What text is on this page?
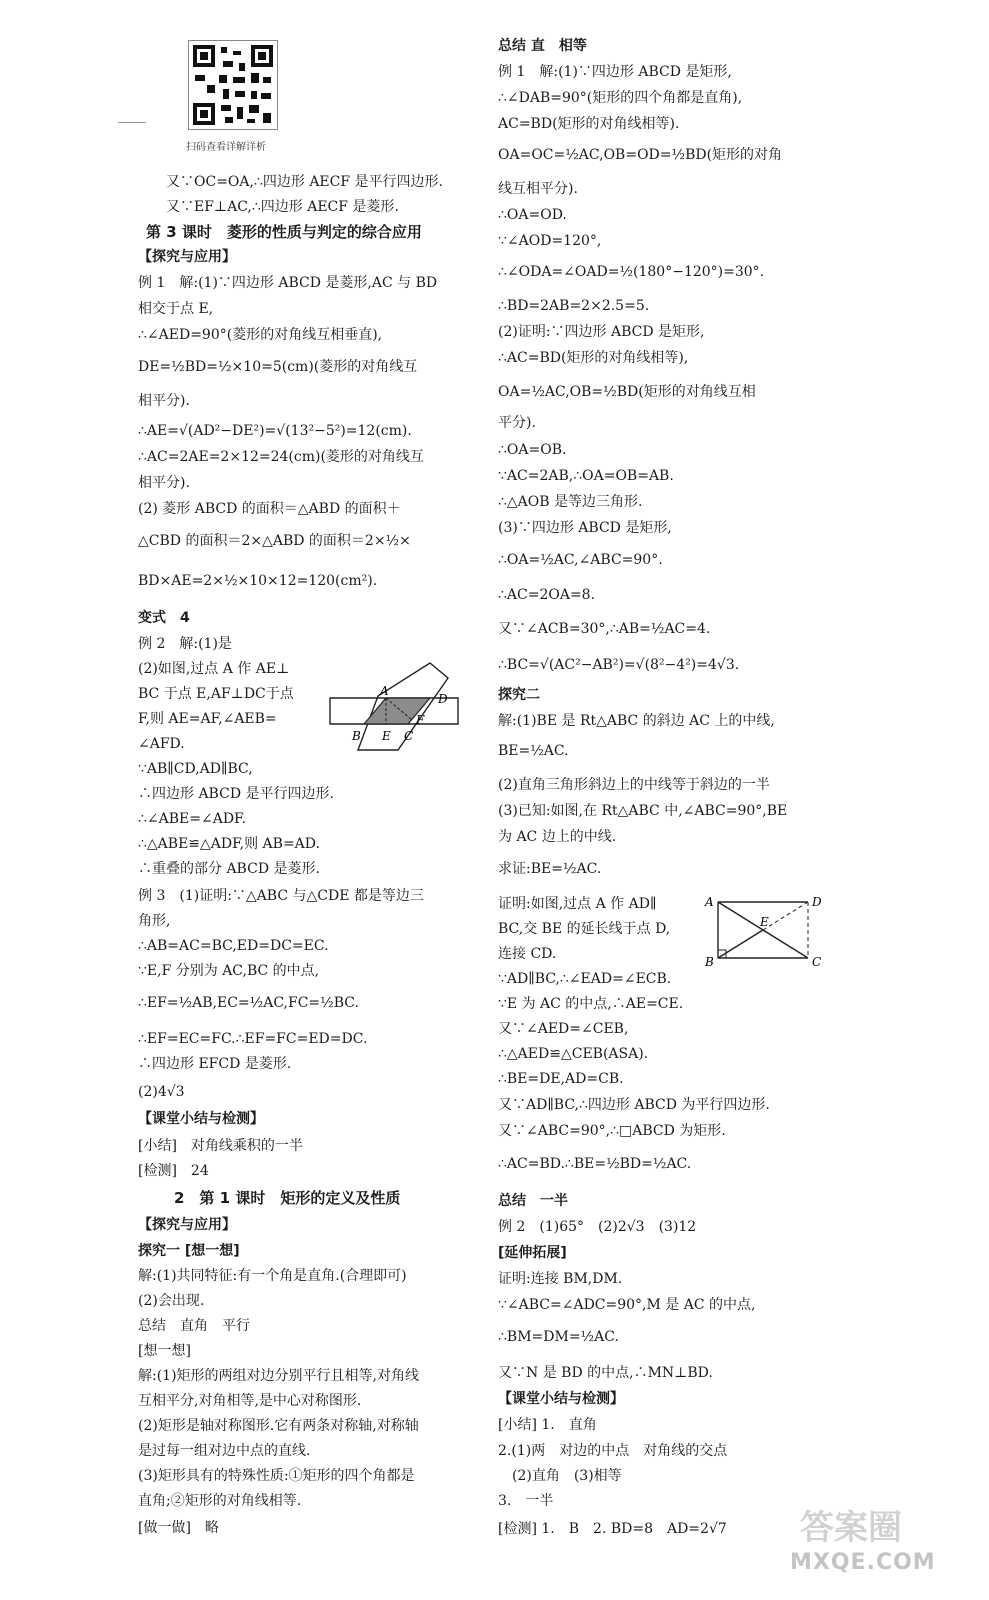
扫码查看详解详析
又∵OC=OA,∴四边形 AECF 是平行四边形.
又∵EF⊥AC,∴四边形 AECF 是菱形.
第 3 课时　菱形的性质与判定的综合应用
【探究与应用】
例 1　解:(1)∵四边形 ABCD 是菱形,AC 与 BD
相交于点 E,
∴∠AED=90°(菱形的对角线互相垂直),
DE=½BD=½×10=5(cm)(菱形的对角线互
相平分).
∴AE=√(AD²−DE²)=√(13²−5²)=12(cm).
∴AC=2AE=2×12=24(cm)(菱形的对角线互
相平分).
(2) 菱形 ABCD 的面积＝△ABD 的面积＋
△CBD 的面积＝2×△ABD 的面积＝2×½×
BD×AE=2×½×10×12=120(cm²).
变式　4
例 2　解:(1)是
(2)如图,过点 A 作 AE⊥
BC 于点 E,AF⊥DC于点
F,则 AE=AF,∠AEB=
∠AFD.
∵AB∥CD,AD∥BC,
∴四边形 ABCD 是平行四边形.
∴∠ABE=∠ADF.
∴△ABE≌△ADF,则 AB=AD.
∴重叠的部分 ABCD 是菱形.
例 3　(1)证明:∵△ABC 与△CDE 都是等边三
角形,
∴AB=AC=BC,ED=DC=EC.
∵E,F 分别为 AC,BC 的中点,
∴EF=½AB,EC=½AC,FC=½BC.
∴EF=EC=FC.∴EF=FC=ED=DC.
∴四边形 EFCD 是菱形.
(2)4√3
【课堂小结与检测】
[小结]　对角线乘积的一半
[检测]　24
2　第 1 课时　矩形的定义及性质
【探究与应用】
探究一 [想一想]
解:(1)共同特征:有一个角是直角.(合理即可)
(2)会出现.
总结　直角　平行
[想一想]
解:(1)矩形的两组对边分别平行且相等,对角线
互相平分,对角相等,是中心对称图形.
(2)矩形是轴对称图形.它有两条对称轴,对称轴
是过每一组对边中点的直线.
(3)矩形具有的特殊性质:①矩形的四个角都是
直角;②矩形的对角线相等.
[做一做]　略
A
D
B E C
F
总结 直　相等
例 1　解:(1)∵四边形 ABCD 是矩形,
∴∠DAB=90°(矩形的四个角都是直角),
AC=BD(矩形的对角线相等).
OA=OC=½AC,OB=OD=½BD(矩形的对角
线互相平分).
∴OA=OD.
∵∠AOD=120°,
∴∠ODA=∠OAD=½(180°−120°)=30°.
∴BD=2AB=2×2.5=5.
(2)证明:∵四边形 ABCD 是矩形,
∴AC=BD(矩形的对角线相等),
OA=½AC,OB=½BD(矩形的对角线互相
平分).
∴OA=OB.
∵AC=2AB,∴OA=OB=AB.
∴△AOB 是等边三角形.
(3)∵四边形 ABCD 是矩形,
∴OA=½AC,∠ABC=90°.
∴AC=2OA=8.
又∵∠ACB=30°,∴AB=½AC=4.
∴BC=√(AC²−AB²)=√(8²−4²)=4√3.
探究二
解:(1)BE 是 Rt△ABC 的斜边 AC 上的中线,
BE=½AC.
(2)直角三角形斜边上的中线等于斜边的一半
(3)已知:如图,在 Rt△ABC 中,∠ABC=90°,BE
为 AC 边上的中线.
求证:BE=½AC.
证明:如图,过点 A 作 AD∥
BC,交 BE 的延长线于点 D,
连接 CD.
∵AD∥BC,∴∠EAD=∠ECB.
∵E 为 AC 的中点,∴AE=CE.
又∵∠AED=∠CEB,
∴△AED≌△CEB(ASA).
∴BE=DE,AD=CB.
又∵AD∥BC,∴四边形 ABCD 为平行四边形.
又∵∠ABC=90°,∴□ABCD 为矩形.
∴AC=BD.∴BE=½BD=½AC.
总结　一半
例 2　(1)65°　(2)2√3　(3)12
[延伸拓展]
证明:连接 BM,DM.
∵∠ABC=∠ADC=90°,M 是 AC 的中点,
∴BM=DM=½AC.
又∵N 是 BD 的中点,∴MN⊥BD.
【课堂小结与检测】
[小结] 1.　直角
2.(1)两　对边的中点　对角线的交点
　(2)直角　(3)相等
3.　一半
[检测] 1.　B　2. BD=8　AD=2√7
A	D
E
B	C
答案圈
MXQE.COM
